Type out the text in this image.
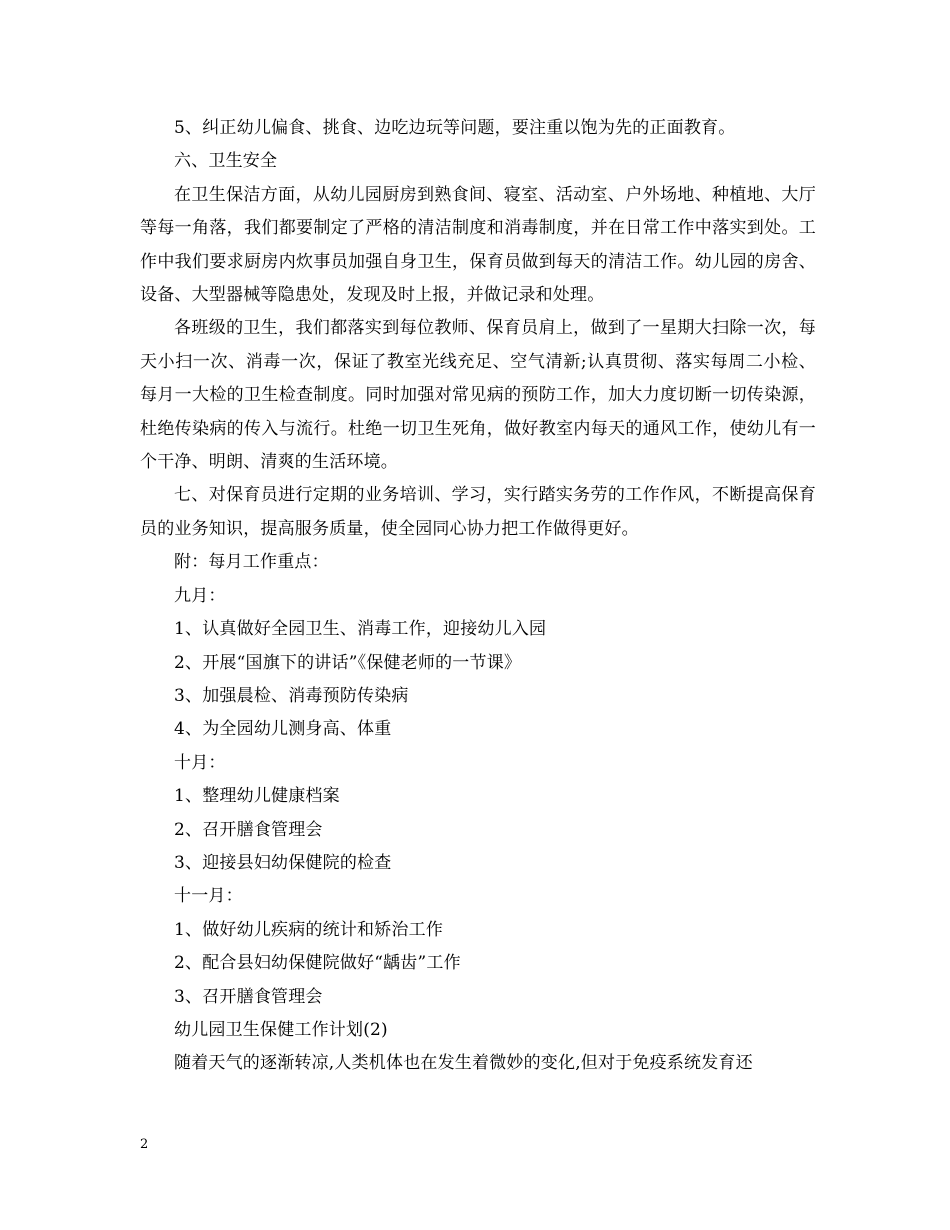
5、纠正幼儿偏食、挑食、边吃边玩等问题，要注重以饱为先的正面教育。

六、卫生安全

在卫生保洁方面，从幼儿园厨房到熟食间、寝室、活动室、户外场地、种植地、大厅等每一角落，我们都要制定了严格的清洁制度和消毒制度，并在日常工作中落实到处。工作中我们要求厨房内炊事员加强自身卫生，保育员做到每天的清洁工作。幼儿园的房舍、设备、大型器械等隐患处，发现及时上报，并做记录和处理。

各班级的卫生，我们都落实到每位教师、保育员肩上，做到了一星期大扫除一次，每天小扫一次、消毒一次，保证了教室光线充足、空气清新;认真贯彻、落实每周二小检、每月一大检的卫生检查制度。同时加强对常见病的预防工作，加大力度切断一切传染源，杜绝传染病的传入与流行。杜绝一切卫生死角，做好教室内每天的通风工作，使幼儿有一个干净、明朗、清爽的生活环境。

七、对保育员进行定期的业务培训、学习，实行踏实务劳的工作作风，不断提高保育员的业务知识，提高服务质量，使全园同心协力把工作做得更好。

附：每月工作重点：

九月：

1、认真做好全园卫生、消毒工作，迎接幼儿入园

2、开展“国旗下的讲话”《保健老师的一节课》

3、加强晨检、消毒预防传染病

4、为全园幼儿测身高、体重

十月：

1、整理幼儿健康档案

2、召开膳食管理会

3、迎接县妇幼保健院的检查

十一月：

1、做好幼儿疾病的统计和矫治工作

2、配合县妇幼保健院做好“龋齿”工作

3、召开膳食管理会

幼儿园卫生保健工作计划(2)

随着天气的逐渐转凉,人类机体也在发生着微妙的变化,但对于免疫系统发育还

2
